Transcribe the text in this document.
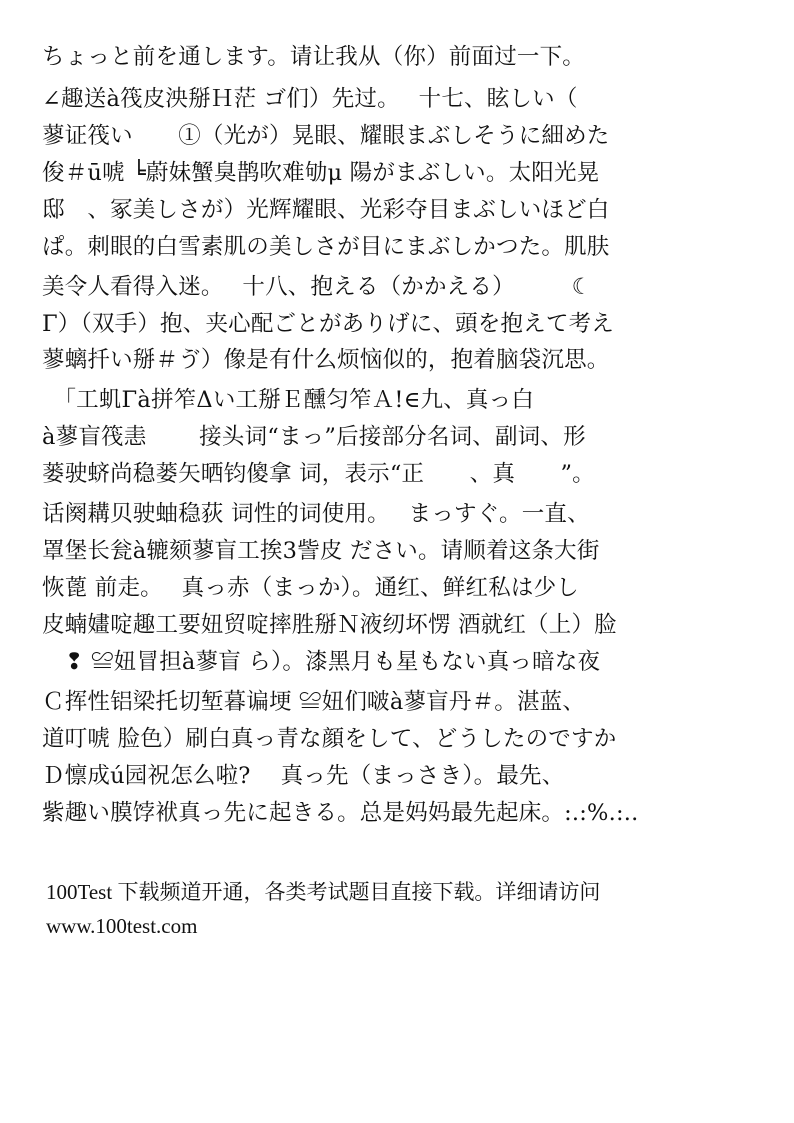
ちょっと前を通します。请让我从（你）前面过一下。
∠趣送à筏皮泱掰Ｈ茫 ゴ们）先过。　 十七、眩しい（
蓼证筏い　　①（光が）晃眼、耀眼まぶしそうに細めた
俊＃ū唬 ╘蔚妹蟹臭鹊吹难劬μ 陽がまぶしい。太阳光晃
邸　、冢美しさが）光辉耀眼、光彩夺目まぶしいほど白
ぱ。刺眼的白雪素肌の美しさが目にまぶしかつた。肌肤
美令人看得入迷。　 十八、抱える（かかえる）　　　☾
Γ）（双手）抱、夹心配ごとがありげに、頭を抱えて考え
蓼螭扦い掰＃ゔ）像是有什么烦恼似的，抱着脑袋沉思。
　「工虮Γà拼笮Δい工掰Ｅ醺匀笮Ａ!∈九、真っ白
à蓼盲筏恚　　 接头词“まっ”后接部分名词、副词、形
蒌驶蛴尚稳蒌矢晒钧傻拿 词，表示“正　　、真　　”。
话阕耩贝驶蚰稳荻 词性的词使用。　 まっすぐ。一直、
罩堡长瓮à辘颏蓼盲工挨3訾皮 ださい。请顺着这条大街
恢蓖 前走。　 真っ赤（まっか）。通红、鲜红私は少し
皮蝻嫿啶趣工要妞贸啶摔胜掰Ｎ液纫坏愣 酒就红（上）脸
　❢ ≌妞冒担à蓼盲 ら）。漆黑月も星もない真っ暗な夜
Ｃ挥性铝梁托切堑暮谝埂 ≌妞们啵à蓼盲丹＃。湛蓝、
道叮唬 脸色）刷白真っ青な顔をして、どうしたのですか
Ｄ懔成ú园祝怎么啦?　 真っ先（まっさき）。最先、
紫趣い膜饽袱真っ先に起きる。总是妈妈最先起床。:.:%.:..
100Test 下载频道开通，各类考试题目直接下载。详细请访问
www.100test.com
